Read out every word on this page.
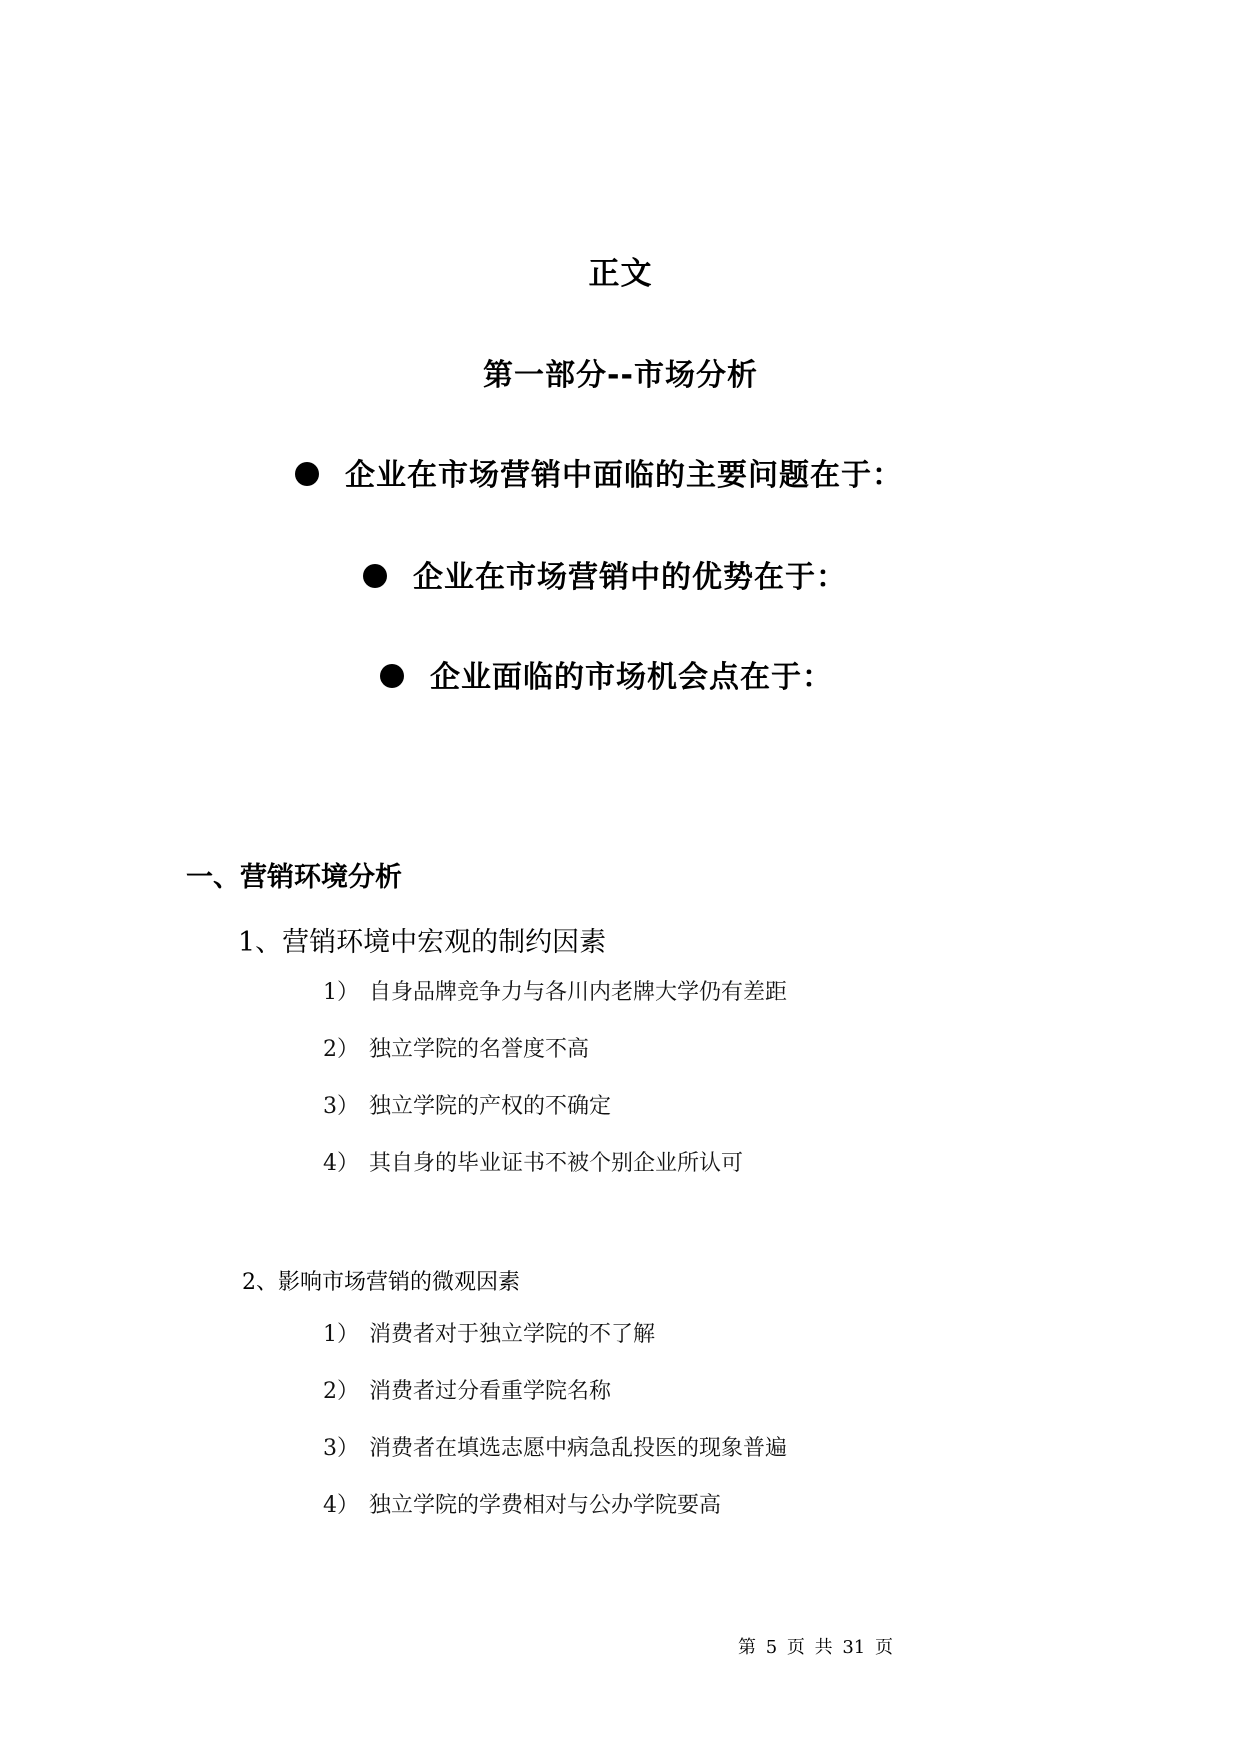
正文
第一部分--市场分析
企业在市场营销中面临的主要问题在于：
企业在市场营销中的优势在于：
企业面临的市场机会点在于：
一、营销环境分析
1、营销环境中宏观的制约因素
1） 自身品牌竞争力与各川内老牌大学仍有差距
2） 独立学院的名誉度不高
3） 独立学院的产权的不确定
4） 其自身的毕业证书不被个别企业所认可
2、影响市场营销的微观因素
1） 消费者对于独立学院的不了解
2） 消费者过分看重学院名称
3） 消费者在填选志愿中病急乱投医的现象普遍
4） 独立学院的学费相对与公办学院要高
第 5 页 共 31 页
